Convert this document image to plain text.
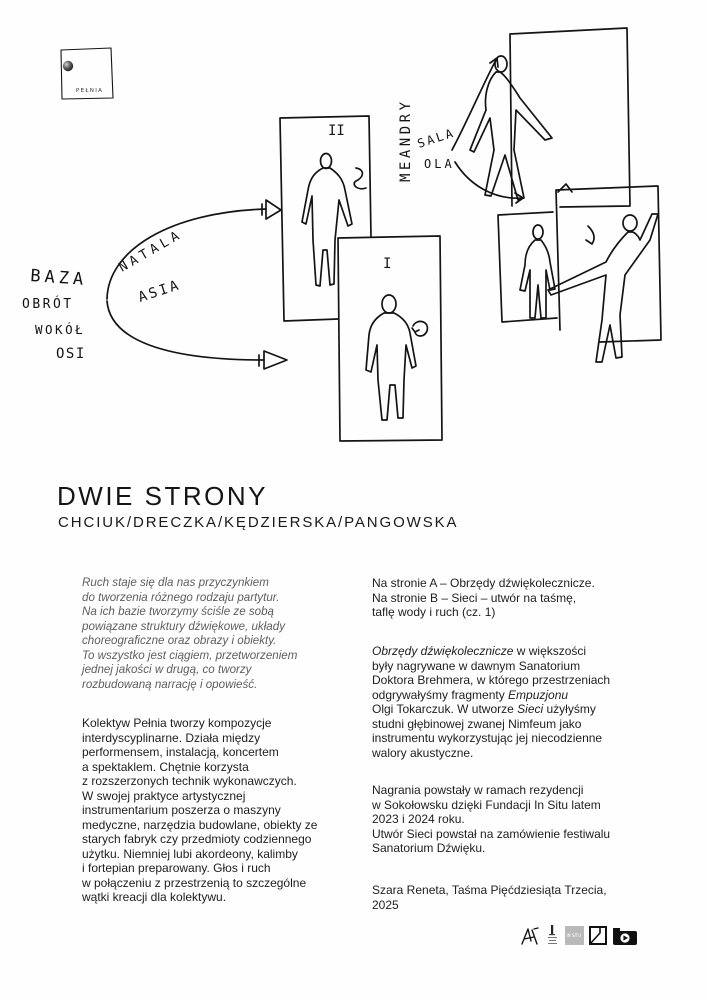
PEŁNIA
BAZA
OBRÓT
WOKÓŁ
OSI
NATALA
ASIA
II
I
MEANDRY SALA
OLA
DWIE STRONY
CHCIUK/DRECZKA/KĘDZIERSKA/PANGOWSKA
Ruch staje się dla nas przyczynkiem
do tworzenia różnego rodzaju partytur.
Na ich bazie tworzymy ściśle ze sobą
powiązane struktury dźwiękowe, układy
choreograficzne oraz obrazy i obiekty.
To wszystko jest ciągiem, przetworzeniem
jednej jakości w drugą, co tworzy
rozbudowaną narrację i opowieść.
Kolektyw Pełnia tworzy kompozycje
interdyscyplinarne. Działa między
performensem, instalacją, koncertem
a spektaklem. Chętnie korzysta
z rozszerzonych technik wykonawczych.
W swojej praktyce artystycznej
instrumentarium poszerza o maszyny
medyczne, narzędzia budowlane, obiekty ze
starych fabryk czy przedmioty codziennego
użytku. Niemniej lubi akordeony, kalimby
i fortepian preparowany. Głos i ruch
w połączeniu z przestrzenią to szczególne
wątki kreacji dla kolektywu.
Na stronie A – Obrzędy dźwiękolecznicze.
Na stronie B – Sieci – utwór na taśmę,
taflę wody i ruch (cz. 1)
Obrzędy dźwiękolecznicze w większości
były nagrywane w dawnym Sanatorium
Doktora Brehmera, w którego przestrzeniach
odgrywałyśmy fragmenty Empuzjonu
Olgi Tokarczuk. W utworze Sieci użyłyśmy
studni głębinowej zwanej Nimfeum jako
instrumentu wykorzystując jej niecodzienne
walory akustyczne.
Nagrania powstały w ramach rezydencji
w Sokołowsku dzięki Fundacji In Situ latem
2023 i 2024 roku.
Utwór Sieci powstał na zamówienie festiwalu
Sanatorium Dźwięku.
Szara Reneta, Taśma Pięćdziesiąta Trzecia,
2025
IN SITU
